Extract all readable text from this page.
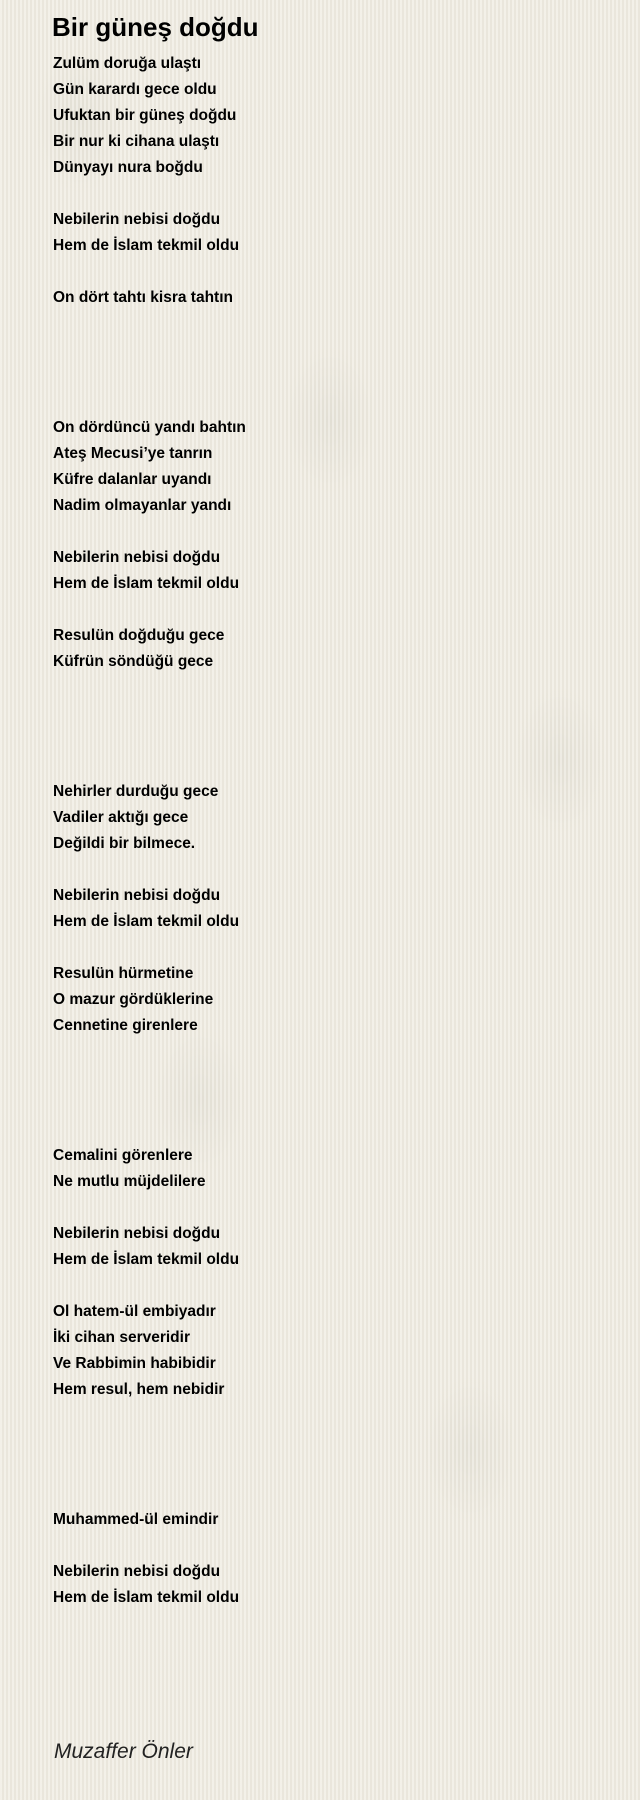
Bir güneş doğdu
Zulüm doruğa ulaştı
Gün karardı gece oldu
Ufuktan bir güneş doğdu
Bir nur ki cihana ulaştı
Dünyayı nura boğdu
Nebilerin nebisi doğdu
Hem de İslam tekmil oldu
On dört tahtı kisra tahtın
On dördüncü yandı bahtın
Ateş Mecusi’ye tanrın
Küfre dalanlar uyandı
Nadim olmayanlar yandı
Nebilerin nebisi doğdu
Hem de İslam tekmil oldu
Resulün doğduğu gece
Küfrün söndüğü gece
Nehirler durduğu gece
Vadiler aktığı gece
Değildi bir bilmece.
Nebilerin nebisi doğdu
Hem de İslam tekmil oldu
Resulün hürmetine
O mazur gördüklerine
Cennetine girenlere
Cemalini görenlere
Ne mutlu müjdelilere
Nebilerin nebisi doğdu
Hem de İslam tekmil oldu
Ol hatem-ül embiyadır
İki cihan serveridir
Ve Rabbimin habibidir
Hem resul, hem nebidir
Muhammed-ül emindir
Nebilerin nebisi doğdu
Hem de İslam tekmil oldu
Muzaffer Önler
